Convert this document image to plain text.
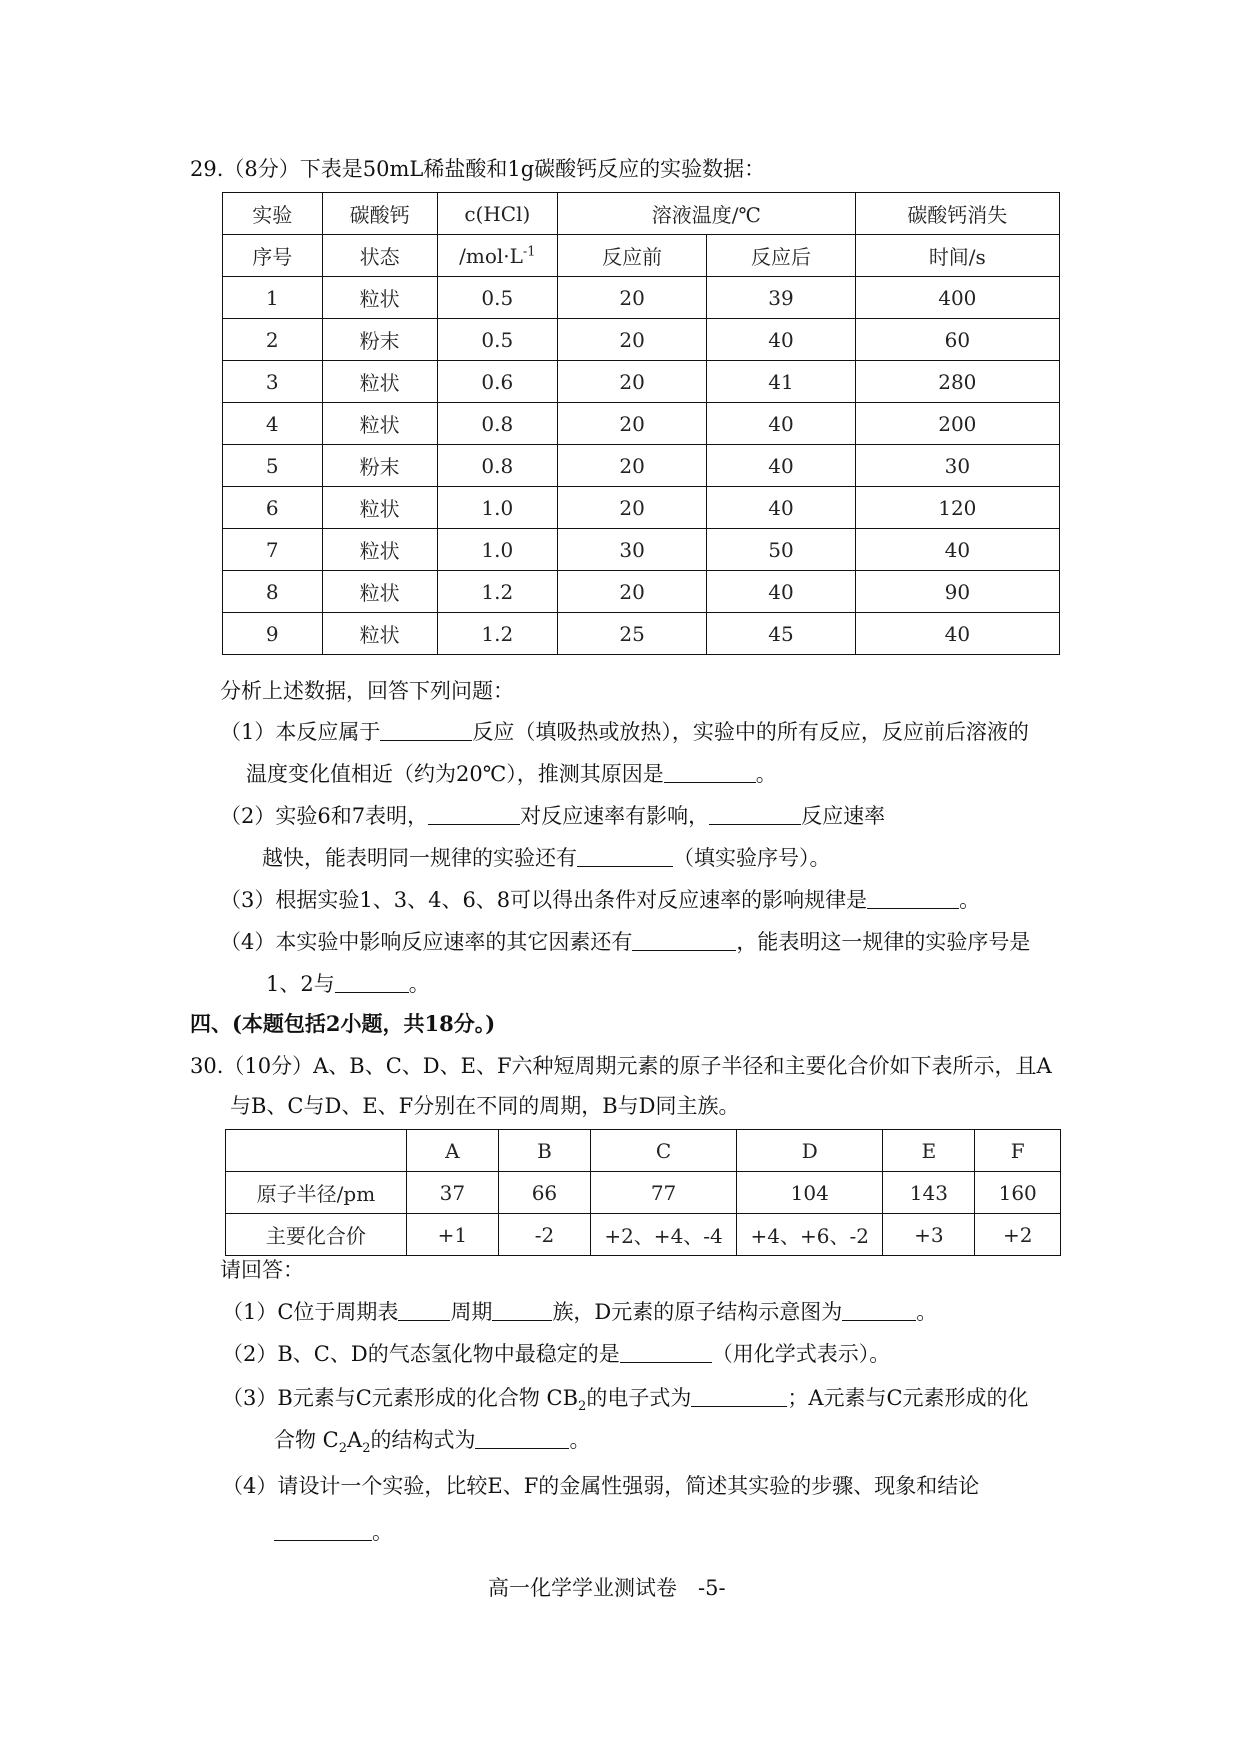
29.（8分）下表是50mL稀盐酸和1g碳酸钙反应的实验数据：
实验	碳酸钙	c(HCl)	溶液温度/℃		碳酸钙消失
序号	状态	$/mol\cdot L^{-1}$	反应前	反应后	时间/s
1	粒状	0.5	20	39	400
2	粉末	0.5	20	40	60
3	粒状	0.6	20	41	280
4	粒状	0.8	20	40	200
5	粉末	0.8	20	40	30
6	粒状	1.0	20	40	120
7	粒状	1.0	30	50	40
8	粒状	1.2	20	40	90
9	粒状	1.2	25	45	40
分析上述数据，回答下列问题：
（1）本反应属于	反应（填吸热或放热），实验中的所有反应，反应前后溶液的
温度变化值相近（约为20℃），推测其原因是	。
（2）实验6和7表明，	对反应速率有影响，	反应速率
越快，能表明同一规律的实验还有	（填实验序号）。
（3）根据实验1、3、4、6、8可以得出条件对反应速率的影响规律是	。
（4）本实验中影响反应速率的其它因素还有	，能表明这一规律的实验序号是
1、2与	。
四、(本题包括2小题，共18分。)
30.（10分）A、B、C、D、E、F六种短周期元素的原子半径和主要化合价如下表所示，且A
与B、C与D、E、F分别在不同的周期，B与D同主族。
	A	B	C	D	E	F
原子半径/pm	37	66	77	104	143	160
主要化合价	+1	-2	+2、+4、-4	+4、+6、-2	+3	+2
请回答：
（1）C位于周期表 周期	族，D元素的原子结构示意图为	。
（2）B、C、D的气态氢化物中最稳定的是	（用化学式表示）。
（3）B元素与C元素形成的化合物 $CB_2$的电子式为	；A元素与C元素形成的化
合物 $C_2A_2$的结构式为	。
（4）请设计一个实验，比较E、F的金属性强弱，简述其实验的步骤、现象和结论
。
高一化学学业测试卷　-5-
